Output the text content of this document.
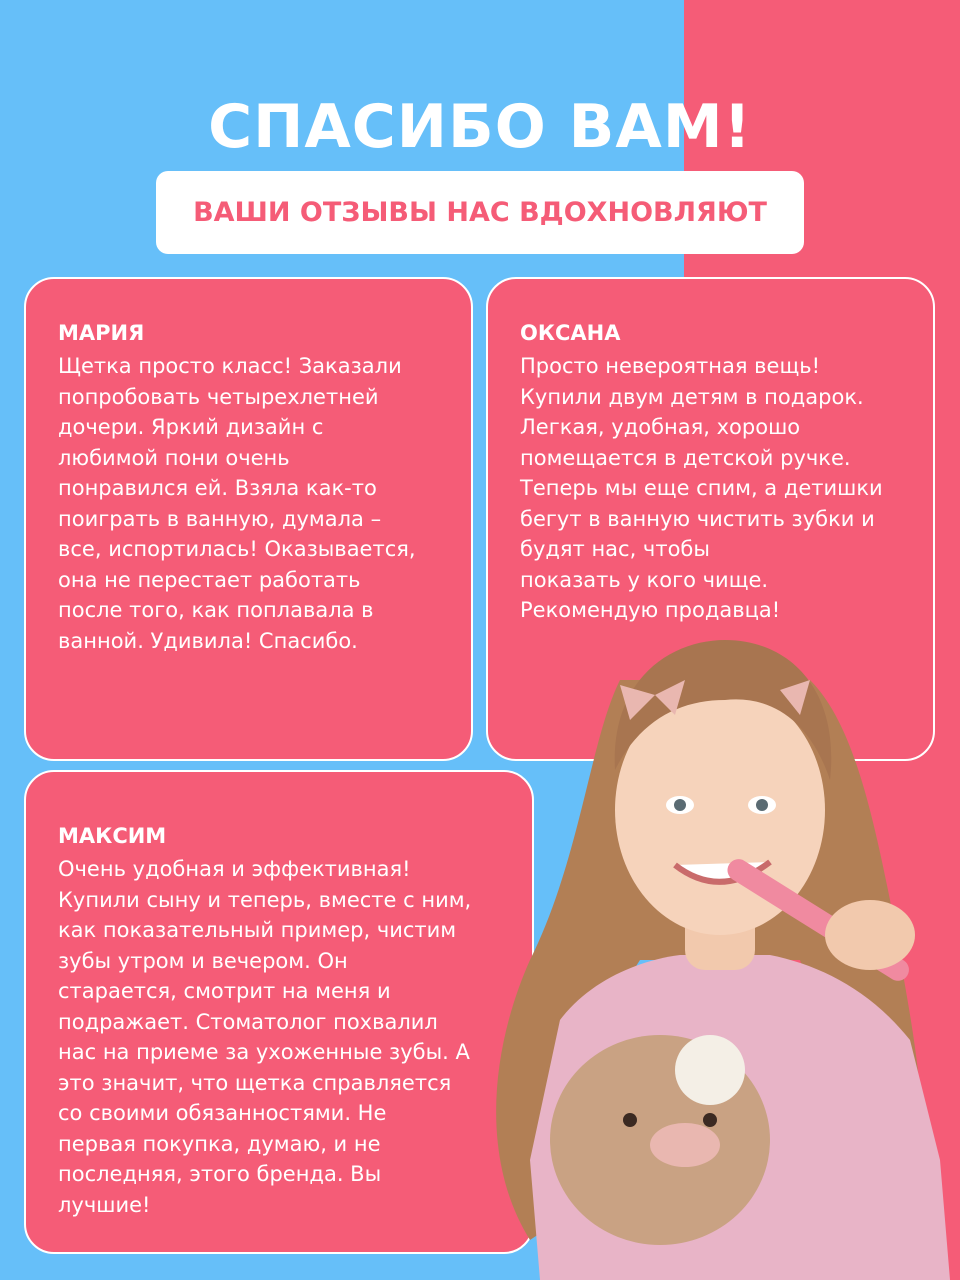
СПАСИБО ВАМ!
ВАШИ ОТЗЫВЫ НАС ВДОХНОВЛЯЮТ
МАРИЯ
Щетка просто класс! Заказали
попробовать четырехлетней
дочери. Яркий дизайн с
любимой пони очень
понравился ей. Взяла как-то
поиграть в ванную, думала –
все, испортилась! Оказывается,
она не перестает работать
после того, как поплавала в
ванной. Удивила! Спасибо.
ОКСАНА
Просто невероятная вещь!
Купили двум детям в подарок.
Легкая, удобная, хорошо
помещается в детской ручке.
Теперь мы еще спим, а детишки
бегут в ванную чистить зубки и
будят нас, чтобы
показать у кого чище.
Рекомендую продавца!
МАКСИМ
Очень удобная и эффективная!
Купили сыну и теперь, вместе с ним,
как показательный пример, чистим
зубы утром и вечером. Он
старается, смотрит на меня и
подражает. Стоматолог похвалил
нас на приеме за ухоженные зубы. А
это значит, что щетка справляется
со своими обязанностями. Не
первая покупка, думаю, и не
последняя, этого бренда. Вы
лучшие!
